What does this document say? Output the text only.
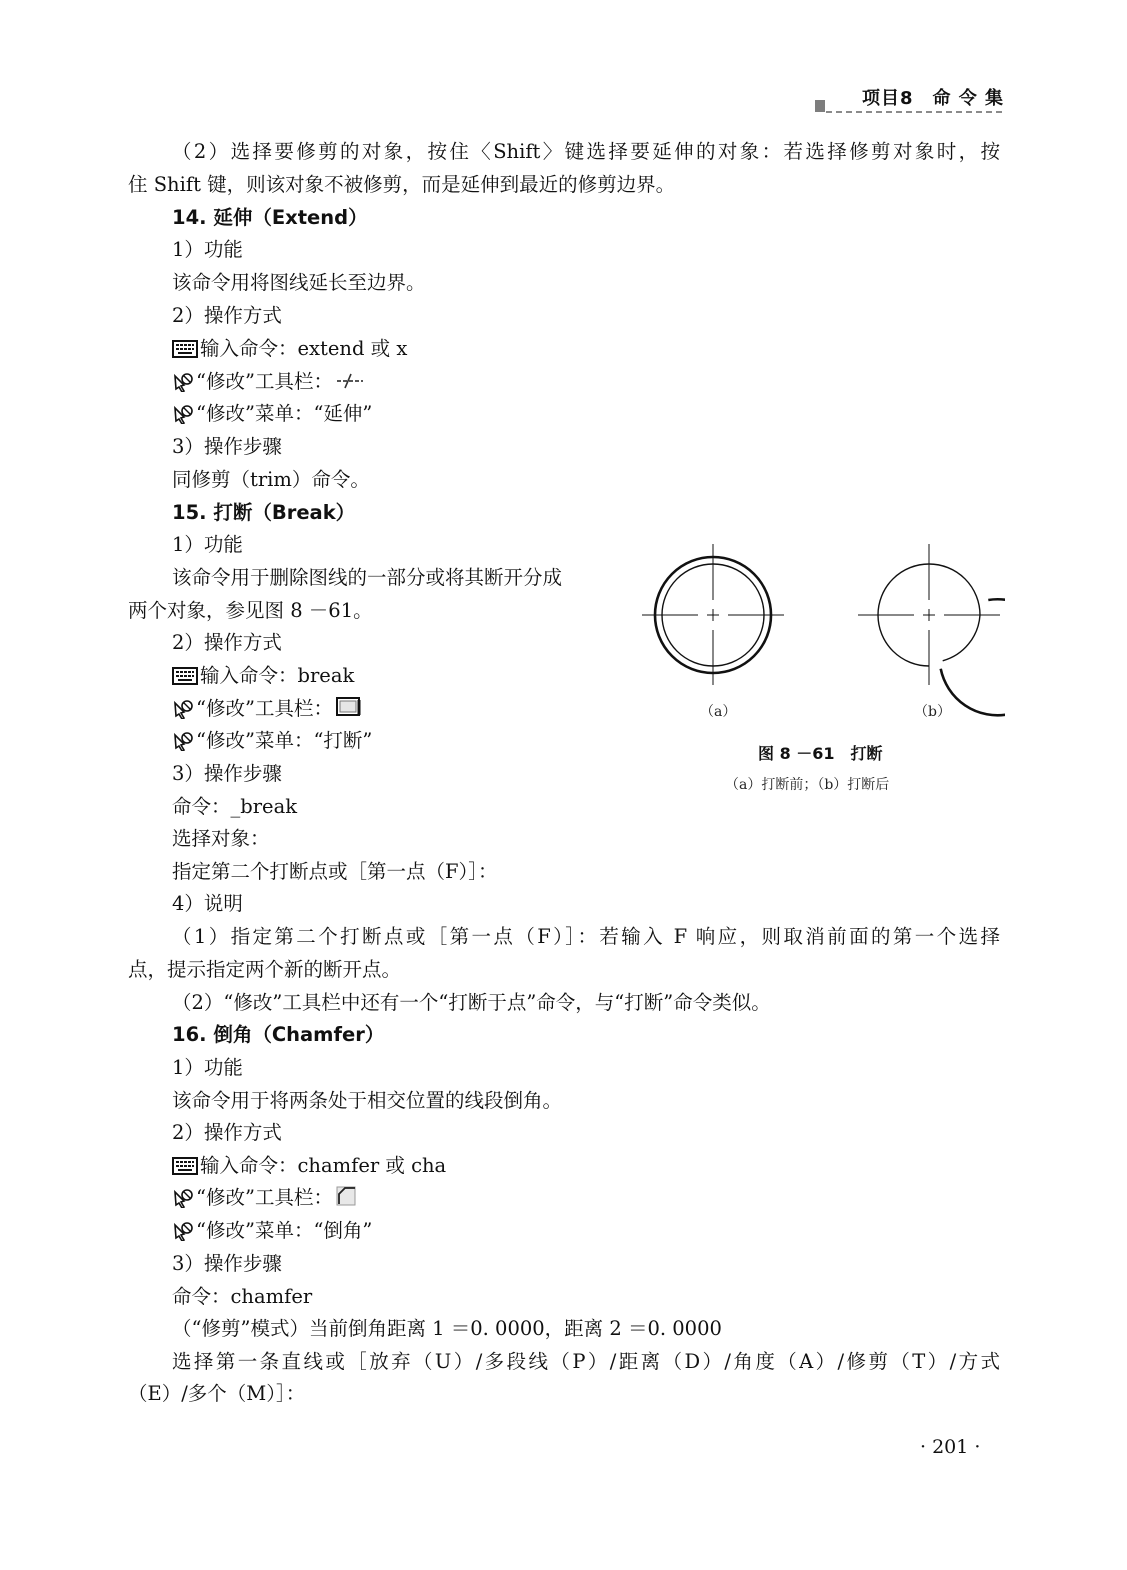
项目8　命 令 集
（2）选择要修剪的对象，按住〈Shift〉键选择要延伸的对象：若选择修剪对象时，按
住 Shift 键，则该对象不被修剪，而是延伸到最近的修剪边界。
14. 延伸（Extend）
1）功能
该命令用将图线延长至边界。
2）操作方式
输入命令：extend 或 x
“修改”工具栏：
“修改”菜单：“延伸”
3）操作步骤
同修剪（trim）命令。
15. 打断（Break）
1）功能
该命令用于删除图线的一部分或将其断开分成
两个对象，参见图 8 －61。
2）操作方式
输入命令：break
“修改”工具栏：
“修改”菜单：“打断”
3）操作步骤
命令：_break
选择对象：
指定第二个打断点或［第一点（F）］：
4）说明
（1）指定第二个打断点或［第一点（F）］：若输入 F 响应，则取消前面的第一个选择
点，提示指定两个新的断开点。
（2）“修改”工具栏中还有一个“打断于点”命令，与“打断”命令类似。
16. 倒角（Chamfer）
1）功能
该命令用于将两条处于相交位置的线段倒角。
2）操作方式
输入命令：chamfer 或 cha
“修改”工具栏：
“修改”菜单：“倒角”
3）操作步骤
命令：chamfer
（“修剪”模式）当前倒角距离 1 ＝0. 0000，距离 2 ＝0. 0000
选择第一条直线或［放弃（U）/多段线（P）/距离（D）/角度（A）/修剪（T）/方式
（E）/多个（M）］：
（a）	（b）
图 8 －61　打断
（a）打断前；（b）打断后
· 201 ·
